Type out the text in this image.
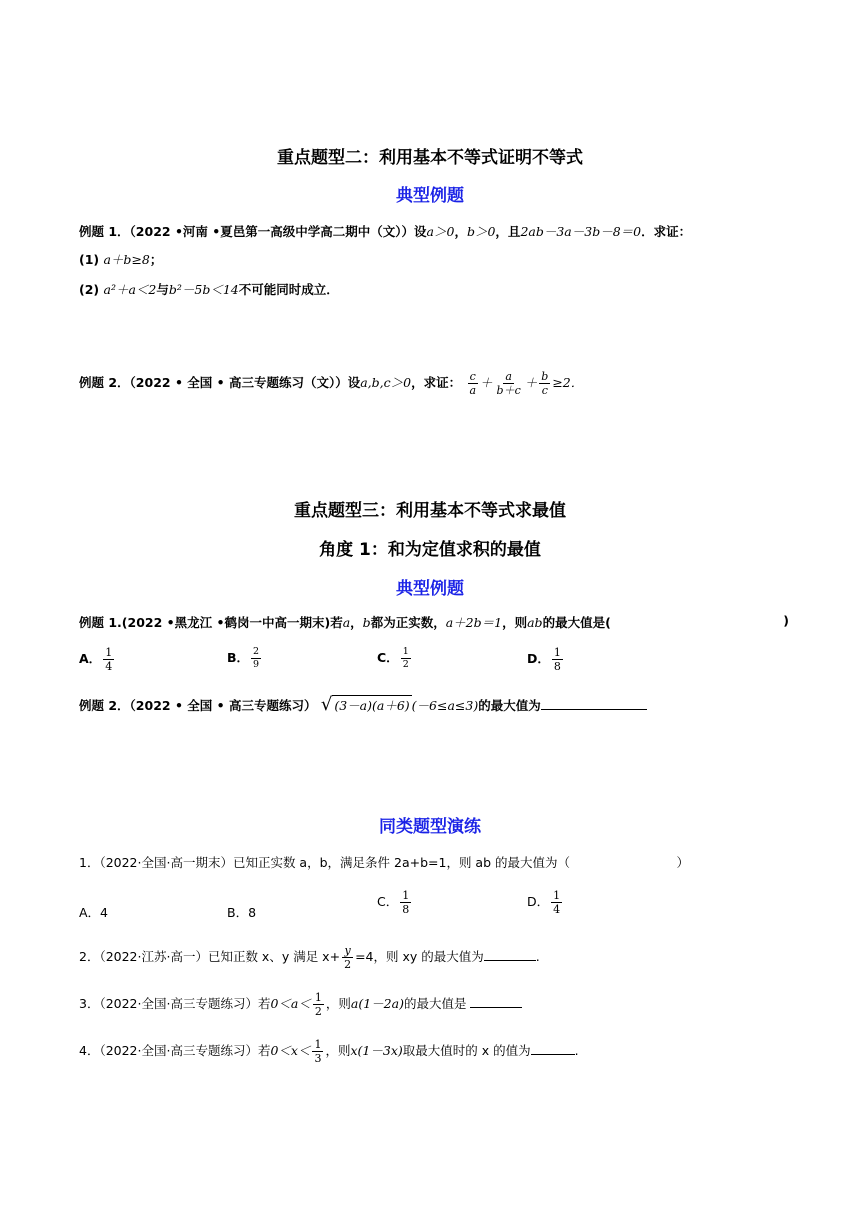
重点题型二：利用基本不等式证明不等式
典型例题
例题 1．（2022 •河南 •夏邑第一高级中学高二期中（文））设a＞0，b＞0，且2ab－3a－3b－8＝0．求证：
(1) a＋b≥8；
(2) a²＋a＜2与b²－5b＜14不可能同时成立．
例题 2．（2022 • 全国 • 高三专题练习（文））设a,b,c＞0，求证： $\frac{c}{a} + \frac{a}{b+c} + \frac{b}{c} \ge 2$．
重点题型三：利用基本不等式求最值
角度 1：和为定值求积的最值
典型例题
例题 1.(2022 •黑龙江 •鹤岗一中高一期末)若a，b都为正实数，a＋2b＝1，则ab的最大值是(	)
A． $\frac{1}{4}$	B． $\frac{2}{9}$	C． $\frac{1}{2}$	D． $\frac{1}{8}$
例题 2．（2022 • 全国 • 高三专题练习） √ (3－a)(a＋6) (－6≤a≤3)的最大值为
同类题型演练
1．（2022·全国·高一期末）已知正实数 a，b，满足条件 2a+b=1，则 ab 的最大值为（	）
A．4	B．8
C． $\frac{1}{8}$	D． $\frac{1}{4}$
2．（2022·江苏·高一）已知正数 x、y 满足 $x+ \frac{y}{2} =4$，则 xy 的最大值为	.
3．（2022·全国·高三专题练习）若$0<a< \frac{1}{2}$ ，则a(1－2a)的最大值是
4．（2022·全国·高三专题练习）若$0<x< \frac{1}{3}$ ，则x(1－3x)取最大值时的 x 的值为	.
